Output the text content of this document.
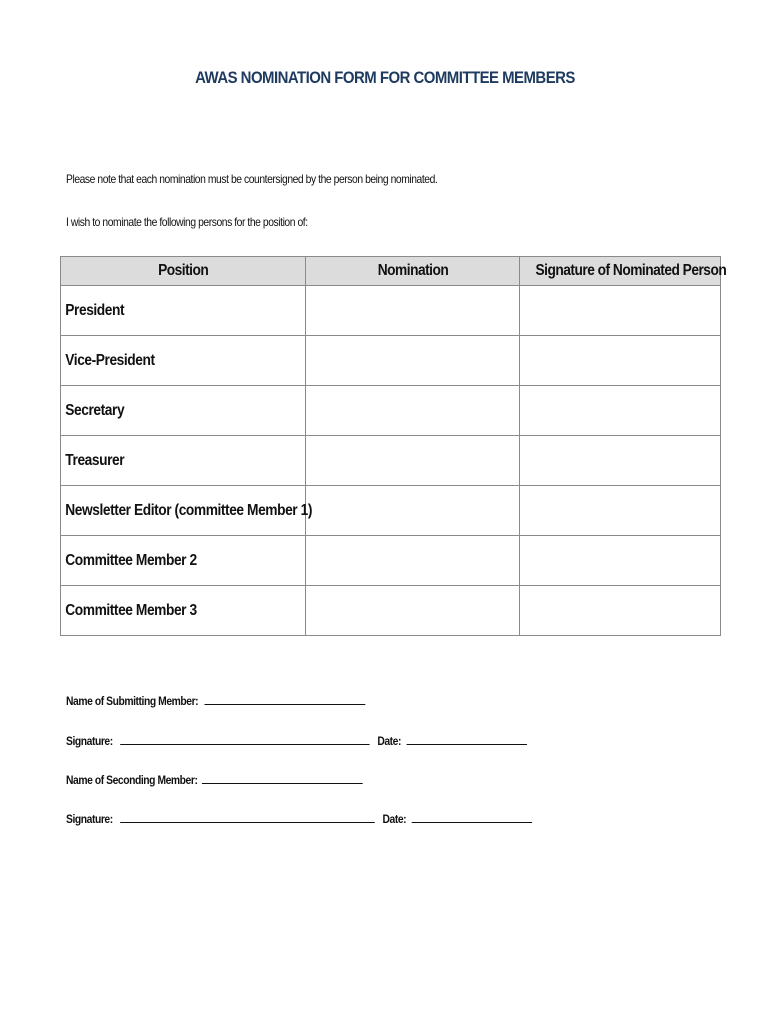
AWAS NOMINATION FORM FOR COMMITTEE MEMBERS
Please note that each nomination must be countersigned by the person being nominated.
I wish to nominate the following persons for the position of:
Position	Nomination	Signature of Nominated Person
President		
Vice-President		
Secretary		
Treasurer		
Newsletter Editor (committee Member 1)		
Committee Member 2		
Committee Member 3		
Name of Submitting Member:
Signature:	Date:
Name of Seconding Member:
Signature:	Date:
